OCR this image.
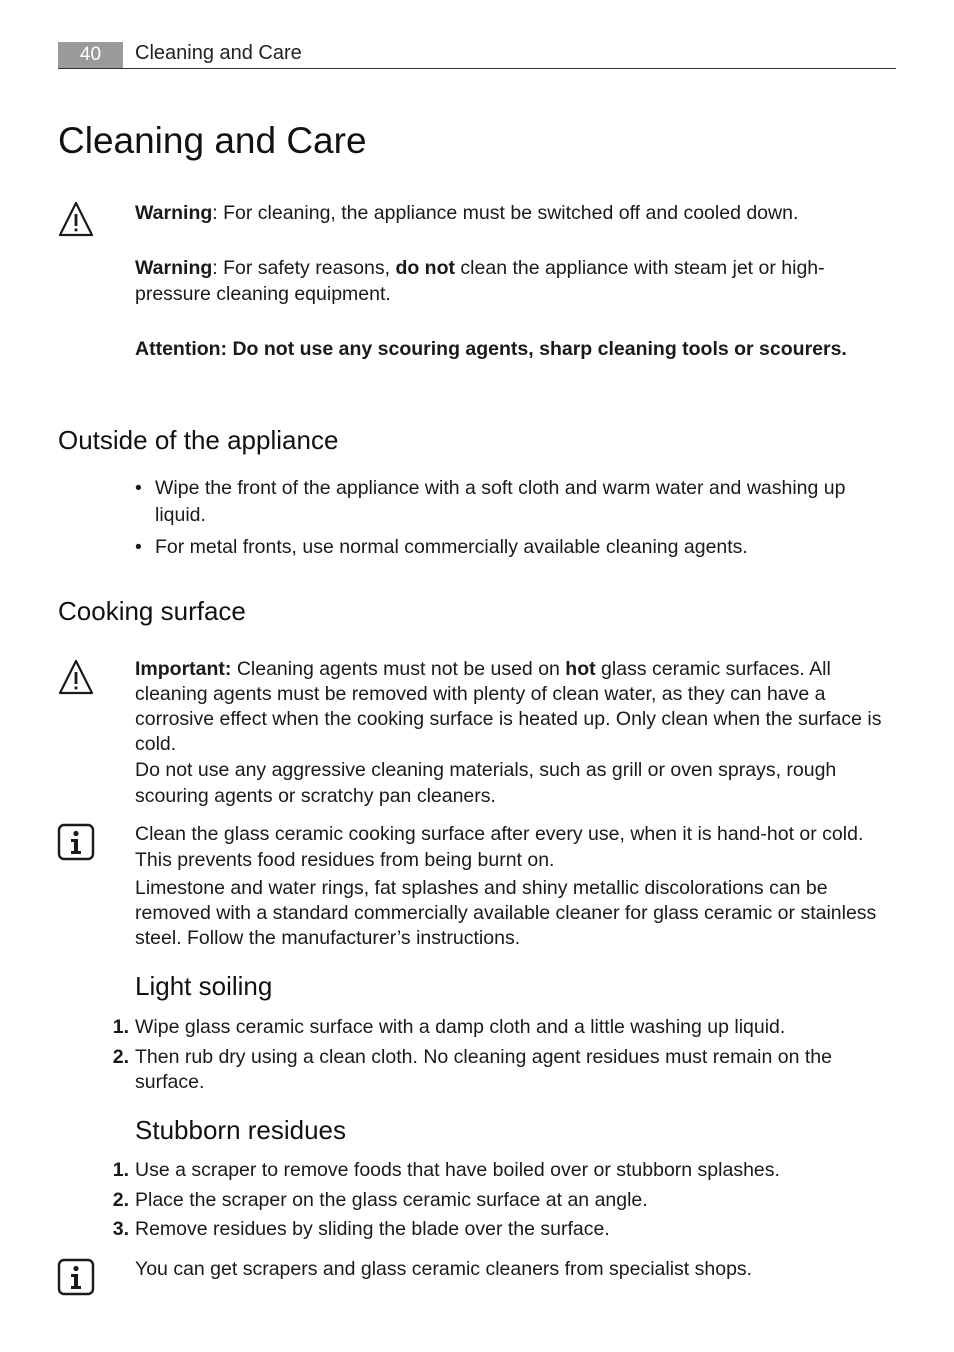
40	Cleaning and Care
Cleaning and Care

Warning: For cleaning, the appliance must be switched off and cooled down.

Warning: For safety reasons, do not clean the appliance with steam jet or high-pressure cleaning equipment.

Attention: Do not use any scouring agents, sharp cleaning tools or scourers.

Outside of the appliance
• Wipe the front of the appliance with a soft cloth and warm water and washing up liquid.
• For metal fronts, use normal commercially available cleaning agents.
Cooking surface

Important: Cleaning agents must not be used on hot glass ceramic surfaces. All cleaning agents must be removed with plenty of clean water, as they can have a corrosive effect when the cooking surface is heated up. Only clean when the surface is cold.

Do not use any aggressive cleaning materials, such as grill or oven sprays, rough scouring agents or scratchy pan cleaners.

Clean the glass ceramic cooking surface after every use, when it is hand-hot or cold. This prevents food residues from being burnt on.

Limestone and water rings, fat splashes and shiny metallic discolorations can be removed with a standard commercially available cleaner for glass ceramic or stainless steel. Follow the manufacturer’s instructions.

Light soiling
1. Wipe glass ceramic surface with a damp cloth and a little washing up liquid.
2. Then rub dry using a clean cloth. No cleaning agent residues must remain on the surface.
Stubborn residues
1. Use a scraper to remove foods that have boiled over or stubborn splashes.
2. Place the scraper on the glass ceramic surface at an angle.
3. Remove residues by sliding the blade over the surface.

You can get scrapers and glass ceramic cleaners from specialist shops.
